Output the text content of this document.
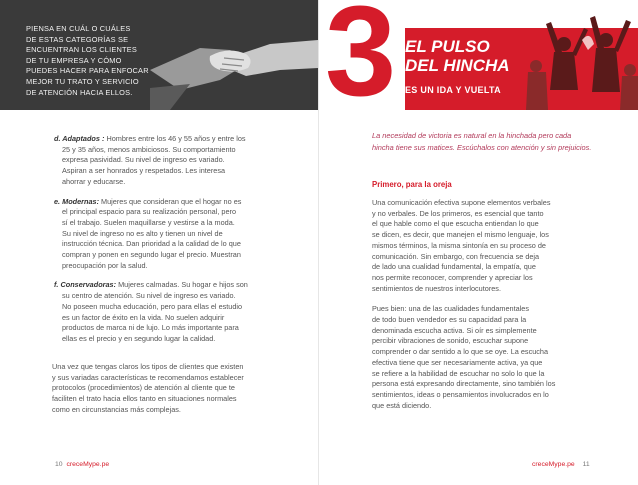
PIENSA EN CUÁL O CUÁLES
DE ESTAS CATEGORÍAS SE
ENCUENTRAN LOS CLIENTES
DE TU EMPRESA Y CÓMO
PUEDES HACER PARA ENFOCAR
MEJOR TU TRATO Y SERVICIO
DE ATENCIÓN HACIA ELLOS. 3 EL PULSO
DEL HINCHA
ES UN IDA Y VUELTA
d. Adaptados : Hombres entre los 46 y 55 años y entre los
25 y 35 años, menos ambiciosos. Su comportamiento
expresa pasividad. Su nivel de ingreso es variado.
Aspiran a ser honrados y respetados. Les interesa
ahorrar y educarse.
e. Modernas: Mujeres que consideran que el hogar no es
el principal espacio para su realización personal, pero
sí el trabajo. Suelen maquillarse y vestirse a la moda.
Su nivel de ingreso no es alto y tienen un nivel de
instrucción técnica. Dan prioridad a la calidad de lo que
compran y ponen en segundo lugar el precio. Muestran
preocupación por la salud.
f. Conservadoras: Mujeres calmadas. Su hogar e hijos son
su centro de atención. Su nivel de ingreso es variado.
No poseen mucha educación, pero para ellas el estudio
es un factor de éxito en la vida. No suelen adquirir
productos de marca ni de lujo. Lo más importante para
ellas es el precio y en segundo lugar la calidad.
Una vez que tengas claros los tipos de clientes que existen
y sus variadas características te recomendamos establecer
protocolos (procedimientos) de atención al cliente que te
faciliten el trato hacia ellos tanto en situaciones normales
como en circunstancias más complejas.
La necesidad de victoria es natural en la hinchada pero cada
hincha tiene sus matices. Escúchalos con atención y sin prejuicios.
Primero, para la oreja

Una comunicación efectiva supone elementos verbales
y no verbales. De los primeros, es esencial que tanto
el que hable como el que escucha entiendan lo que
se dicen, es decir, que manejen el mismo lenguaje, los
mismos términos, la misma sintonía en su proceso de
comunicación. Sin embargo, con frecuencia se deja
de lado una cualidad fundamental, la empatía, que
nos permite reconocer, comprender y apreciar los
sentimientos de nuestros interlocutores.

Pues bien: una de las cualidades fundamentales
de todo buen vendedor es su capacidad para la
denominada escucha activa. Si oír es simplemente
percibir vibraciones de sonido, escuchar supone
comprender o dar sentido a lo que se oye. La escucha
efectiva tiene que ser necesariamente activa, ya que
se refiere a la habilidad de escuchar no solo lo que la
persona está expresando directamente, sino también los
sentimientos, ideas o pensamientos involucrados en lo
que está diciendo.

10 creceMype.pe	creceMype.pe 11
